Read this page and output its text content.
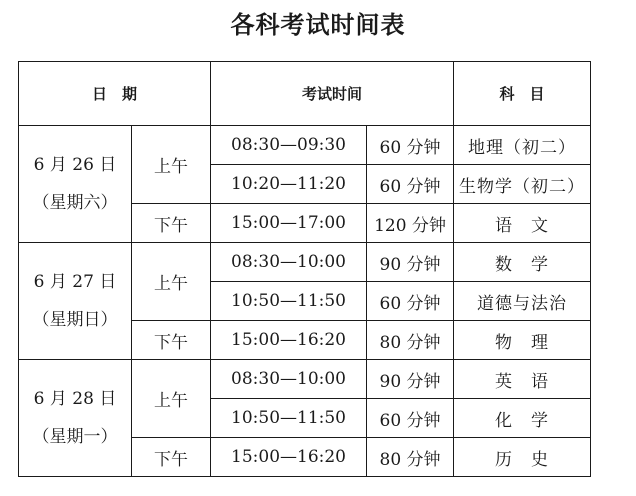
各科考试时间表
日　期		考试时间		科　目

6 月 26 日
（星期六）	上午	08:30—09:30	60 分钟	地理（初二）
		10:20—11:20	60 分钟	生物学（初二）
	下午	15:00—17:00	120 分钟	语　文

6 月 27 日
（星期日）	上午	08:30—10:00	90 分钟	数　学
		10:50—11:50	60 分钟	道德与法治
	下午	15:00—16:20	80 分钟	物　理

6 月 28 日
（星期一）	上午	08:30—10:00	90 分钟	英　语
		10:50—11:50	60 分钟	化　学
	下午	15:00—16:20	80 分钟	历　史
